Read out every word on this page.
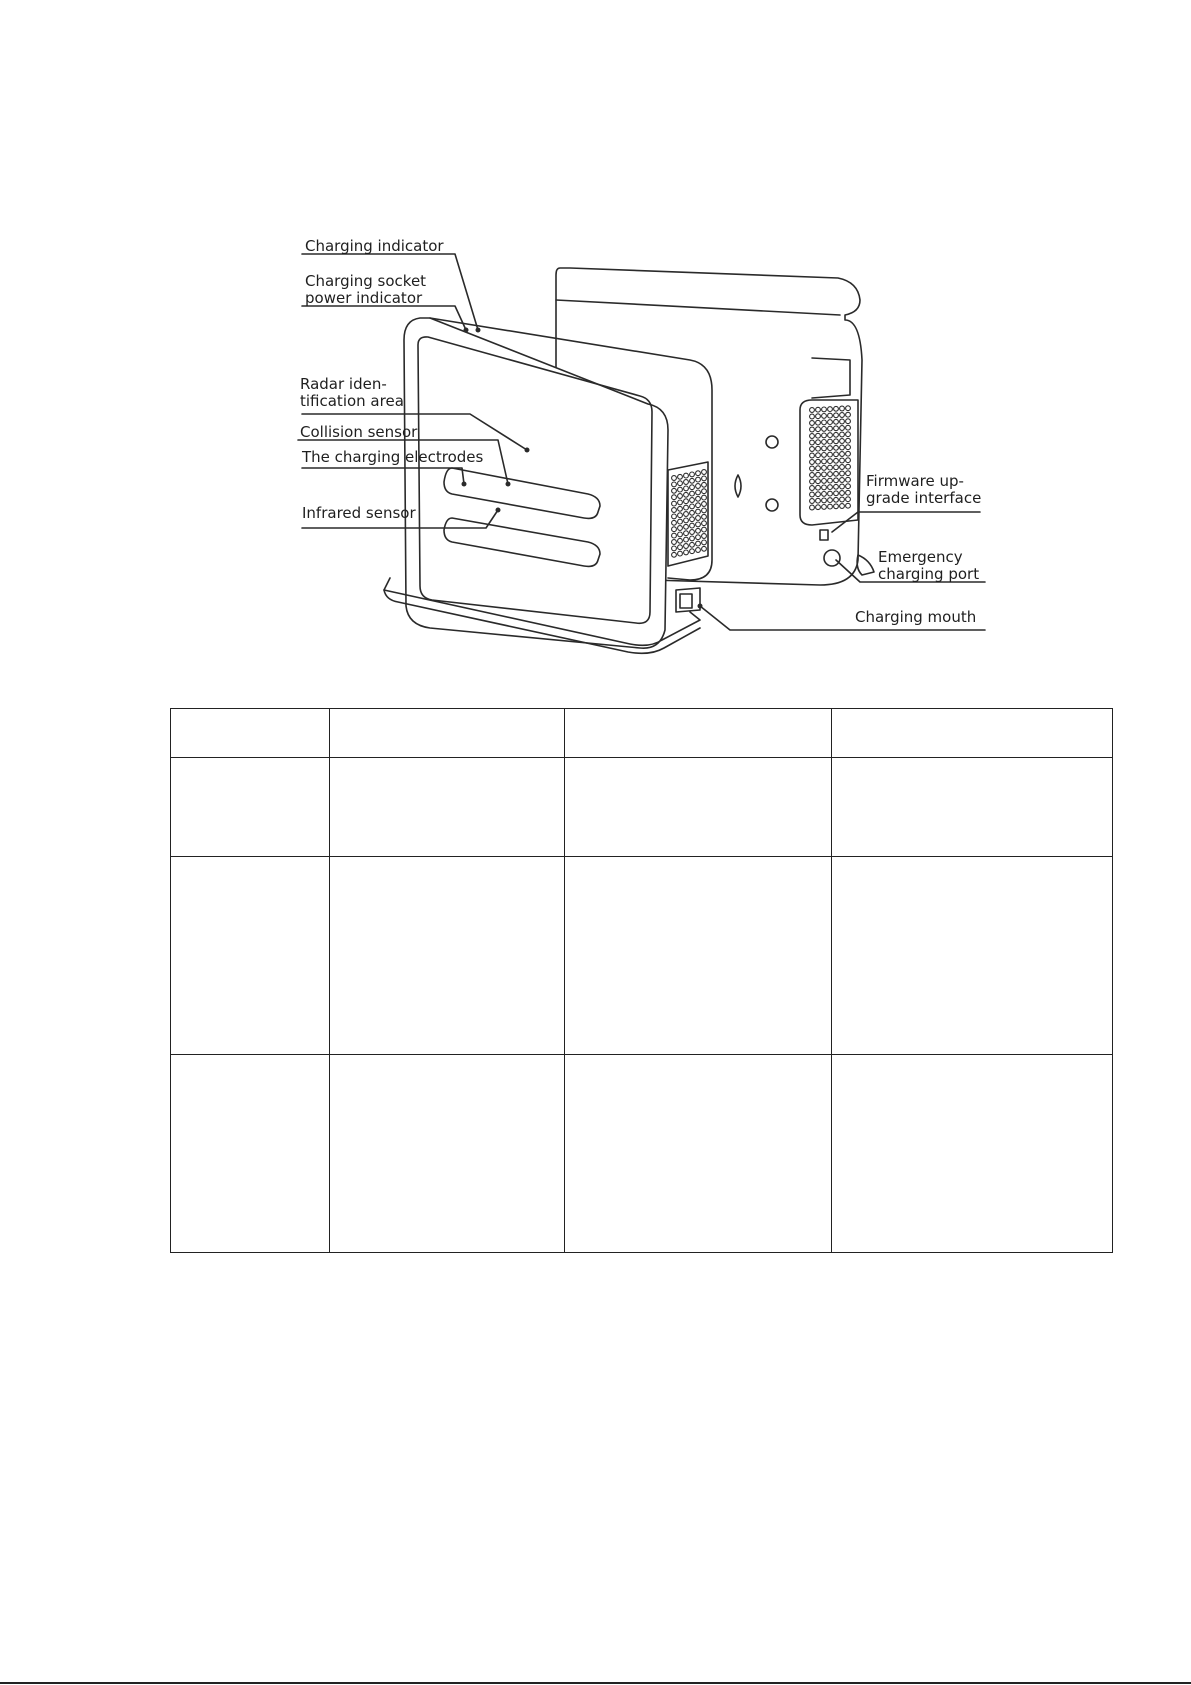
Charging indicator
Charging socket
power indicator
Radar iden-
tification area
Collision sensor
The charging electrodes
Infrared sensor
Firmware up-
grade interface
Emergency
charging port
Charging mouth
